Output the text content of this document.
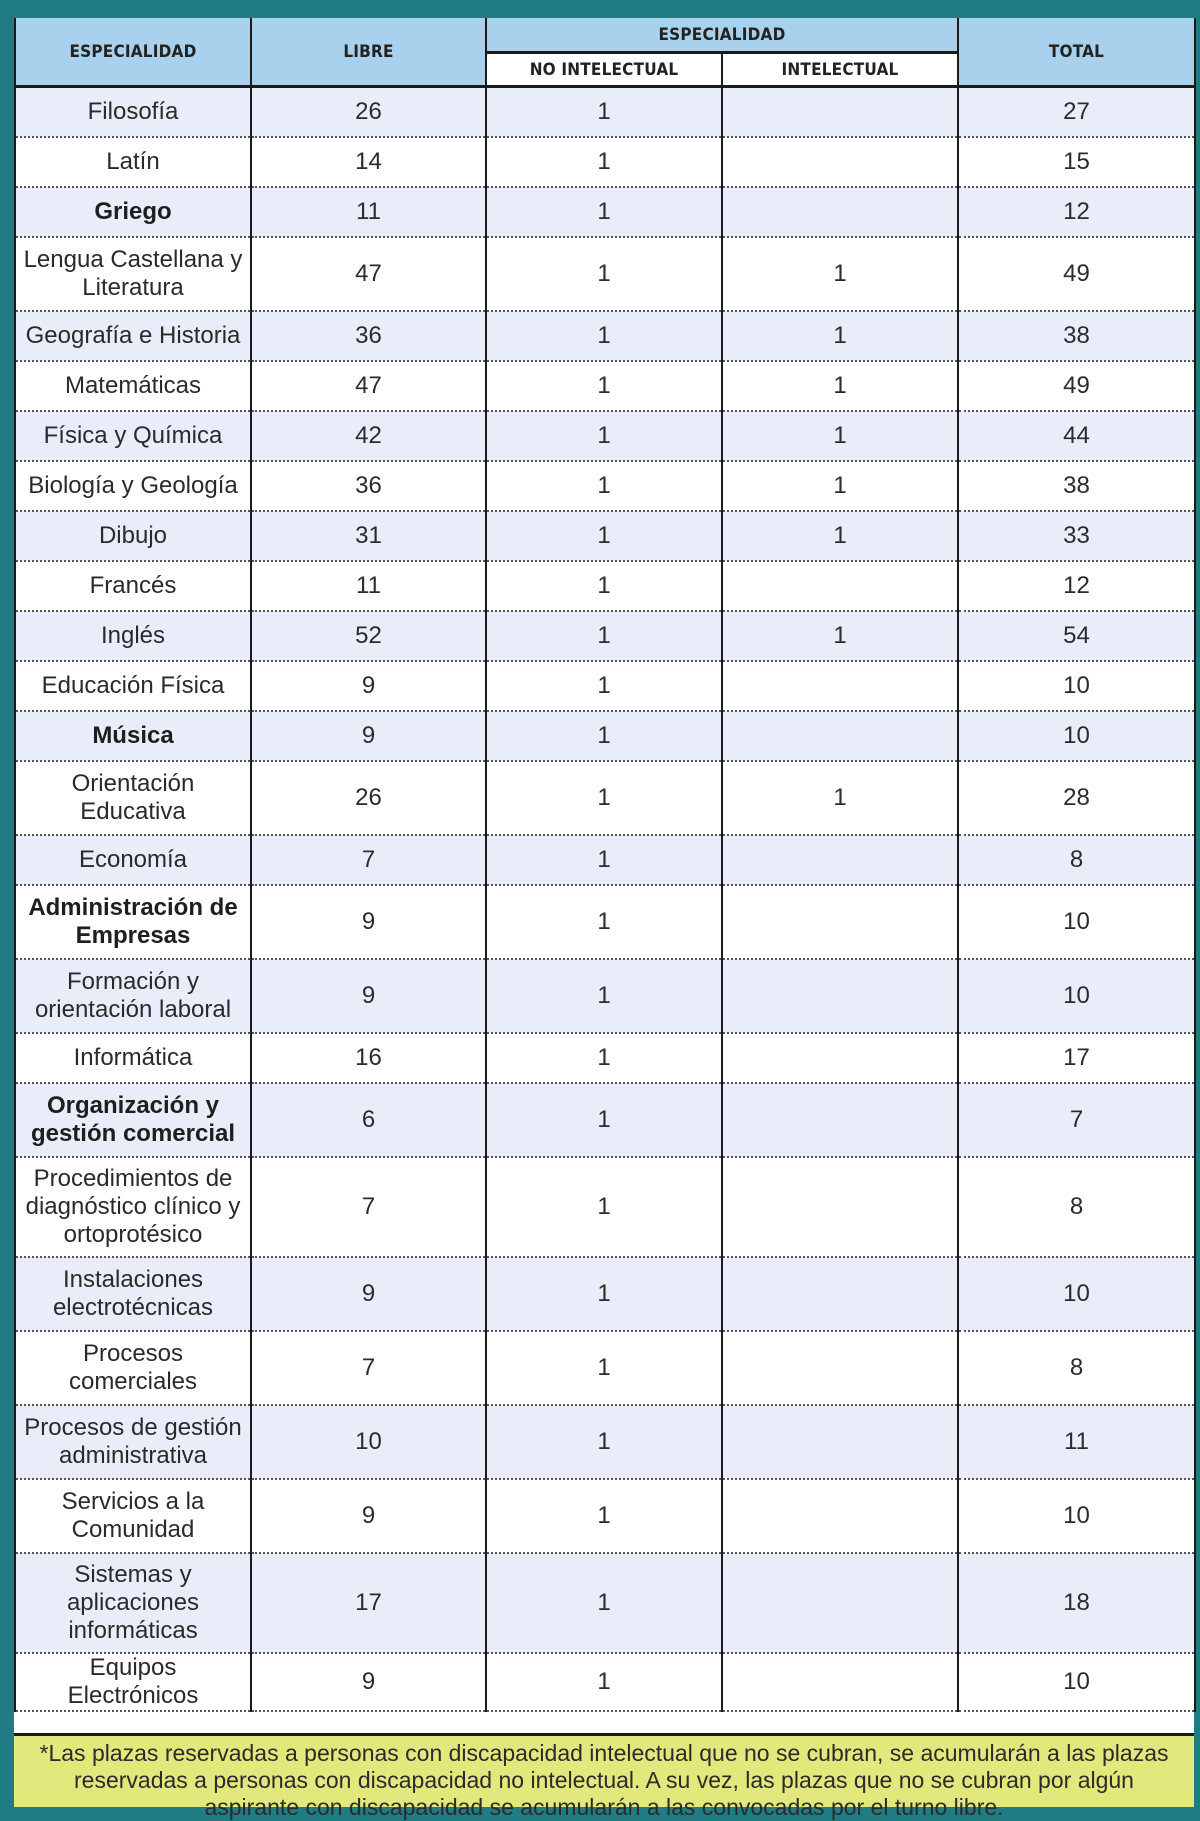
ESPECIALIDAD	LIBRE	ESPECIALIDAD		TOTAL
		NO INTELECTUAL	INTELECTUAL	
Filosofía	26	1		27
Latín	14	1		15
Griego	11	1		12
Lengua Castellana y Literatura	47	1	1	49
Geografía e Historia	36	1	1	38
Matemáticas	47	1	1	49
Física y Química	42	1	1	44
Biología y Geología	36	1	1	38
Dibujo	31	1	1	33
Francés	11	1		12
Inglés	52	1	1	54
Educación Física	9	1		10
Música	9	1		10
Orientación Educativa	26	1	1	28
Economía	7	1		8
Administración de Empresas	9	1		10
Formación y orientación laboral	9	1		10
Informática	16	1		17
Organización y gestión comercial	6	1		7
Procedimientos de diagnóstico clínico y ortoprotésico	7	1		8
Instalaciones electrotécnicas	9	1		10
Procesos comerciales	7	1		8
Procesos de gestión administrativa	10	1		11
Servicios a la Comunidad	9	1		10
Sistemas y aplicaciones informáticas	17	1		18
Equipos Electrónicos	9	1		10
*Las plazas reservadas a personas con discapacidad intelectual que no se cubran, se acumularán a las plazas reservadas a personas con discapacidad no intelectual. A su vez, las plazas que no se cubran por algún aspirante con discapacidad se acumularán a las convocadas por el turno libre.
